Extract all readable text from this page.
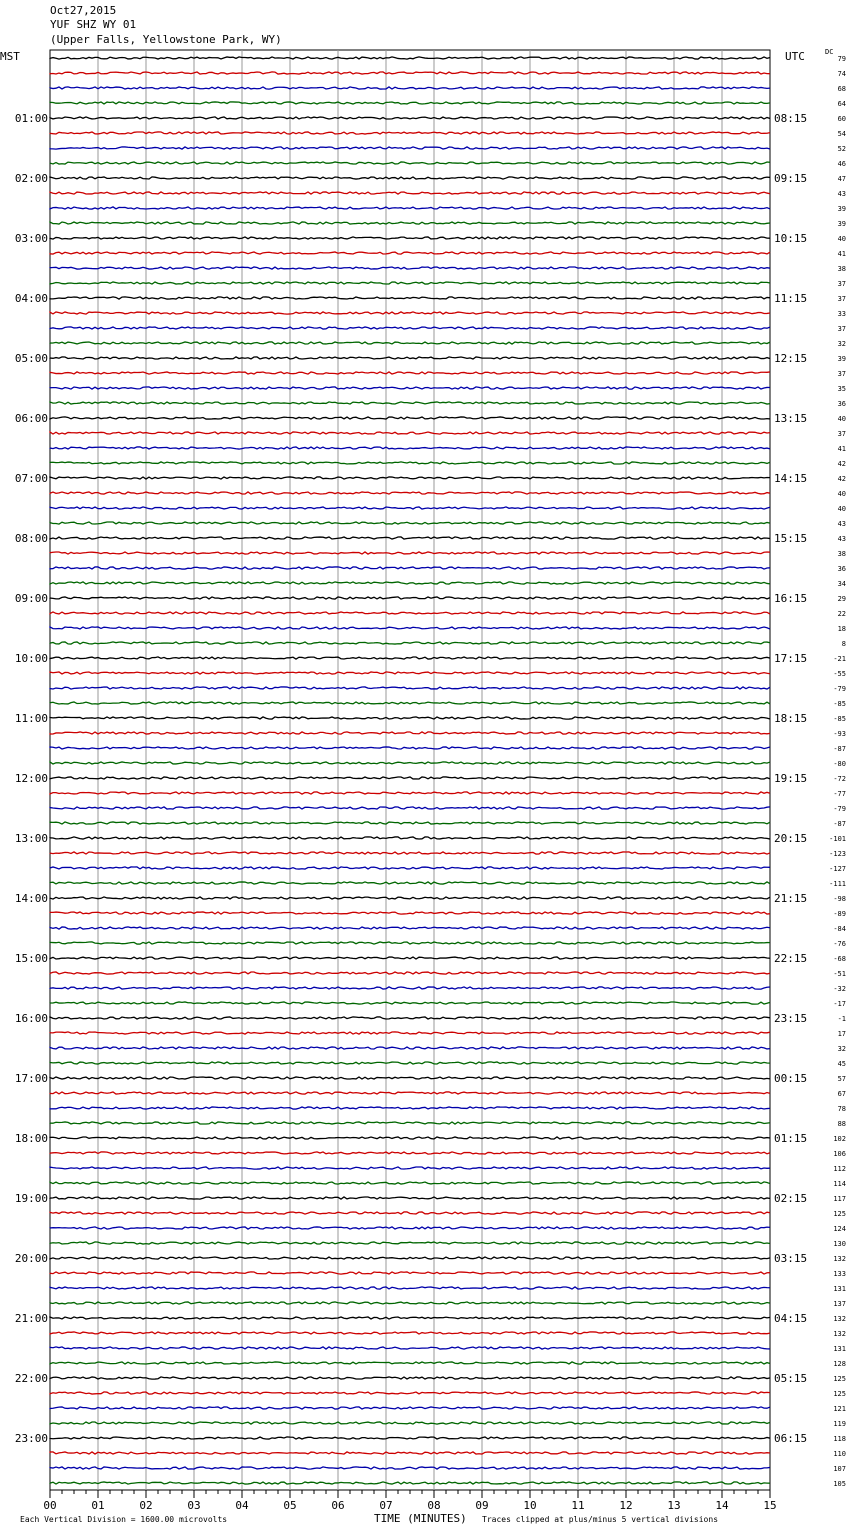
Oct27,2015
YUF SHZ WY 01
(Upper Falls, Yellowstone Park, WY)
MST	UTC	DC
79
74
68
64
60
54
52
46
47
43
39
39
40
41
38
37
37
33
37
32
39
37
35
36
40
37
41
42
42
40
40
43
43
38
36
34
29
22
18
8
-21
-55
-79
-85
-85
-93
-87
-80
-72
-77
-79
-87
-101
-123
-127
-111
-98
-89
-84
-76
-68
-51
-32
-17
-1
17
32
45
57
67
78
88
102
106
112
114
117
125
124
130
132
133
131
137
132
132
131
128
125
125
121
119
118
110
107
105
01:00
02:00
03:00
04:00
05:00
06:00
07:00
08:00
09:00
10:00
11:00
12:00
13:00
14:00
15:00
16:00
17:00
18:00
19:00
20:00
21:00
22:00
23:00
08:15
09:15
10:15
11:15
12:15
13:15
14:15
15:15
16:15
17:15
18:15
19:15
20:15
21:15
22:15
23:15
00:15
01:15
02:15
03:15
04:15
05:15
06:15
00	01	02	03	04	05	06	07	08	09	10	11	12	13	14	15
Each Vertical Division = 1600.00 microvolts	TIME (MINUTES) Traces clipped at plus/minus 5 vertical divisions
